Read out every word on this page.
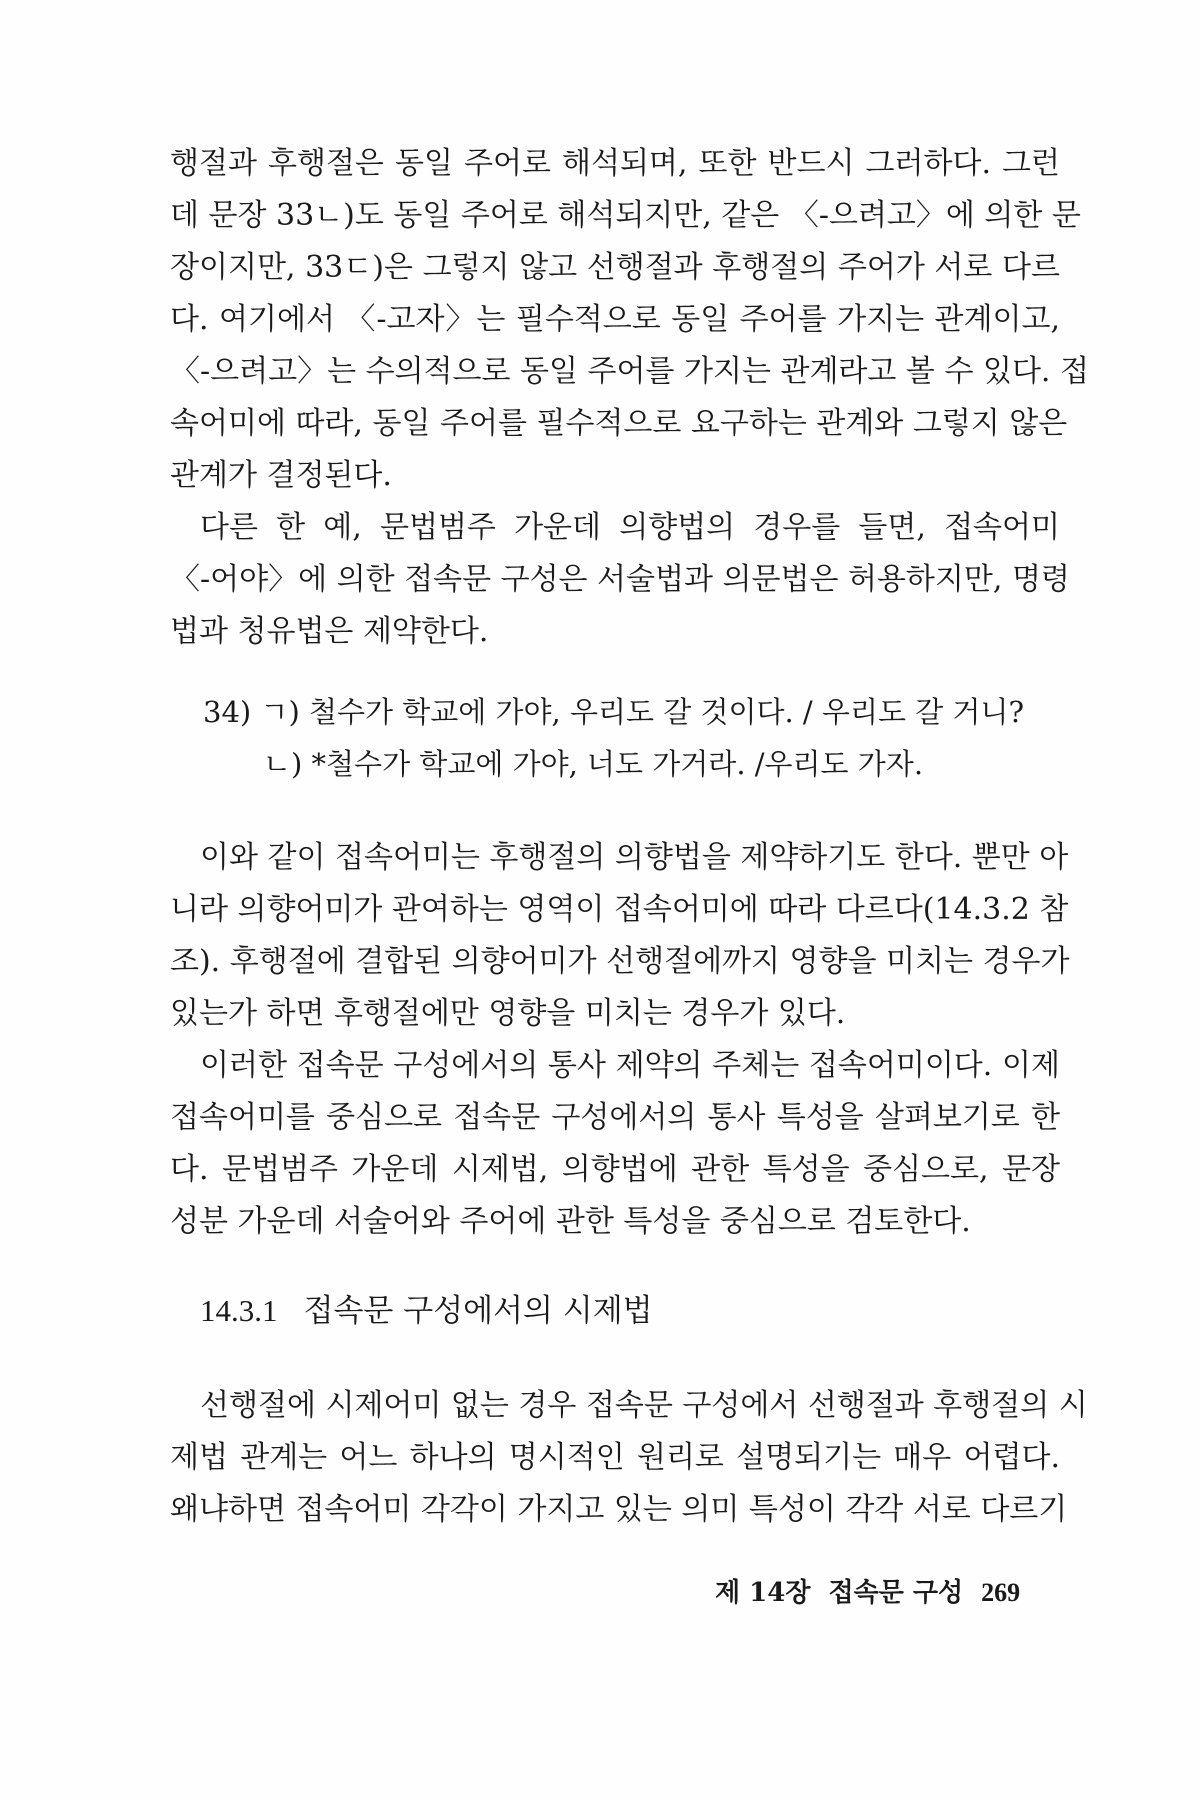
행절과 후행절은 동일 주어로 해석되며, 또한 반드시 그러하다. 그런
데 문장 33ㄴ)도 동일 주어로 해석되지만, 같은 〈-으려고〉에 의한 문
장이지만, 33ㄷ)은 그렇지 않고 선행절과 후행절의 주어가 서로 다르
다. 여기에서 〈-고자〉는 필수적으로 동일 주어를 가지는 관계이고,
〈-으려고〉는 수의적으로 동일 주어를 가지는 관계라고 볼 수 있다. 접
속어미에 따라, 동일 주어를 필수적으로 요구하는 관계와 그렇지 않은
관계가 결정된다.
다른 한 예, 문법범주 가운데 의향법의 경우를 들면, 접속어미
〈-어야〉에 의한 접속문 구성은 서술법과 의문법은 허용하지만, 명령
법과 청유법은 제약한다.
34) ㄱ) 철수가 학교에 가야, 우리도 갈 것이다. / 우리도 갈 거니?
ㄴ) *철수가 학교에 가야, 너도 가거라. /우리도 가자.
이와 같이 접속어미는 후행절의 의향법을 제약하기도 한다. 뿐만 아
니라 의향어미가 관여하는 영역이 접속어미에 따라 다르다(14.3.2 참
조). 후행절에 결합된 의향어미가 선행절에까지 영향을 미치는 경우가
있는가 하면 후행절에만 영향을 미치는 경우가 있다.
이러한 접속문 구성에서의 통사 제약의 주체는 접속어미이다. 이제
접속어미를 중심으로 접속문 구성에서의 통사 특성을 살펴보기로 한
다. 문법범주 가운데 시제법, 의향법에 관한 특성을 중심으로, 문장
성분 가운데 서술어와 주어에 관한 특성을 중심으로 검토한다.
14.3.1 접속문 구성에서의 시제법
선행절에 시제어미 없는 경우 접속문 구성에서 선행절과 후행절의 시
제법 관계는 어느 하나의 명시적인 원리로 설명되기는 매우 어렵다.
왜냐하면 접속어미 각각이 가지고 있는 의미 특성이 각각 서로 다르기
제 14장 접속문 구성 269
